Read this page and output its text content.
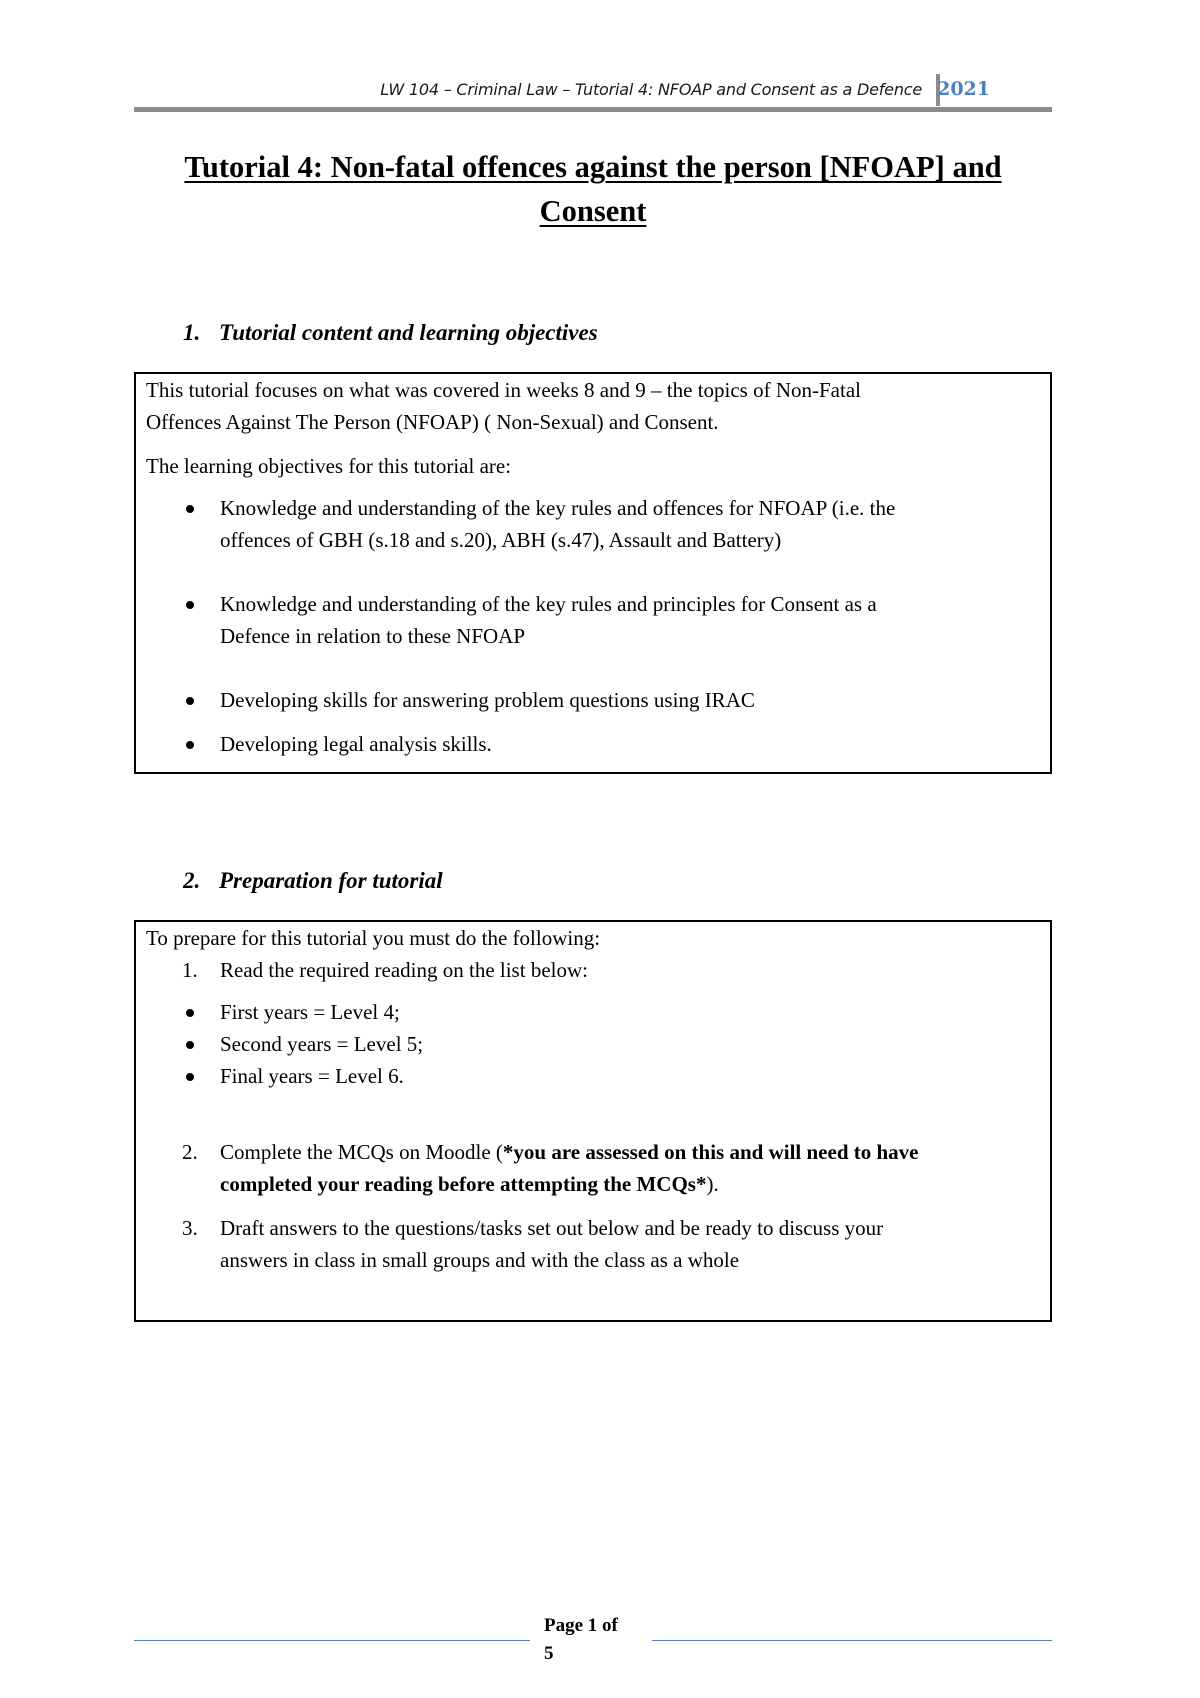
LW 104 – Criminal Law – Tutorial 4: NFOAP and Consent as a Defence 2021
Tutorial 4: Non-fatal offences against the person [NFOAP] and
Consent
1. Tutorial content and learning objectives

This tutorial focuses on what was covered in weeks 8 and 9 – the topics of Non-Fatal
Offences Against The Person (NFOAP) ( Non-Sexual) and Consent.

The learning objectives for this tutorial are:

Knowledge and understanding of the key rules and offences for NFOAP (i.e. the
offences of GBH (s.18 and s.20), ABH (s.47), Assault and Battery)
Knowledge and understanding of the key rules and principles for Consent as a
Defence in relation to these NFOAP
Developing skills for answering problem questions using IRAC
Developing legal analysis skills.
2. Preparation for tutorial

To prepare for this tutorial you must do the following:

1.	Read the required reading on the list below:
First years = Level 4;
Second years = Level 5;
Final years = Level 6.
2.	Complete the MCQs on Moodle (*you are assessed on this and will need to have
completed your reading before attempting the MCQs*).
3.	Draft answers to the questions/tasks set out below and be ready to discuss your
answers in class in small groups and with the class as a whole
Page 1 of
5
